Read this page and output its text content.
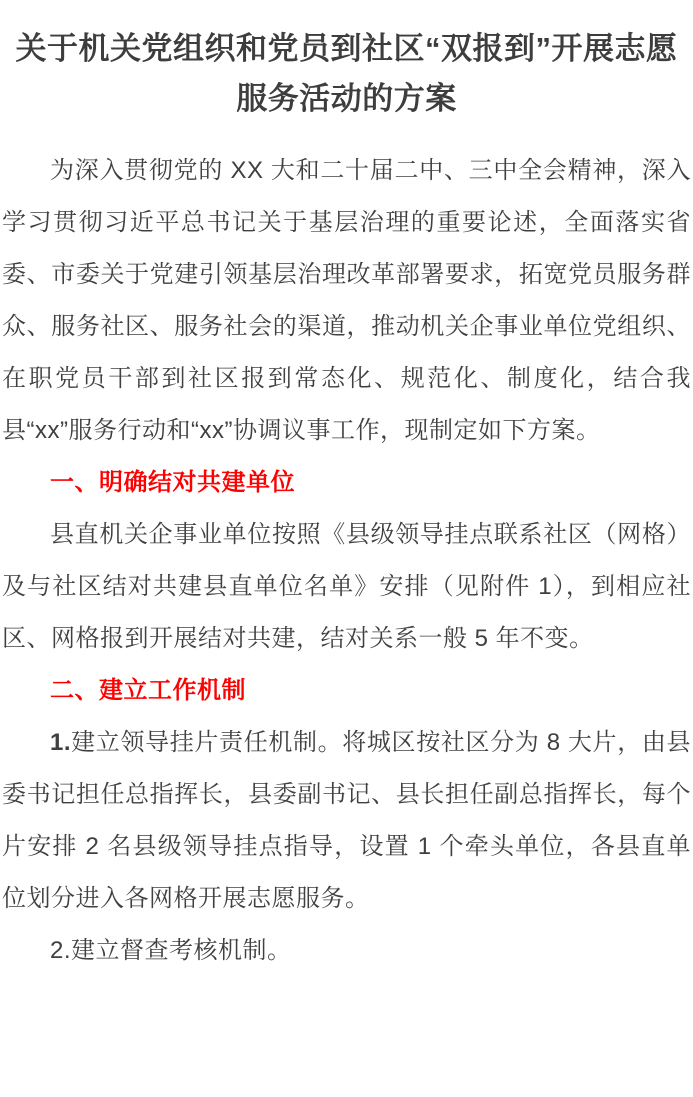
关于机关党组织和党员到社区“双报到”开展志愿服务活动的方案

为深入贯彻党的 XX 大和二十届二中、三中全会精神，深入学习贯彻习近平总书记关于基层治理的重要论述，全面落实省委、市委关于党建引领基层治理改革部署要求，拓宽党员服务群众、服务社区、服务社会的渠道，推动机关企事业单位党组织、在职党员干部到社区报到常态化、规范化、制度化，结合我县“xx”服务行动和“xx”协调议事工作，现制定如下方案。

一、明确结对共建单位

县直机关企事业单位按照《县级领导挂点联系社区（网格）及与社区结对共建县直单位名单》安排（见附件 1），到相应社区、网格报到开展结对共建，结对关系一般 5 年不变。

二、建立工作机制

1.建立领导挂片责任机制。将城区按社区分为 8 大片，由县委书记担任总指挥长，县委副书记、县长担任副总指挥长，每个片安排 2 名县级领导挂点指导，设置 1 个牵头单位，各县直单位划分进入各网格开展志愿服务。

2.建立督查考核机制。
